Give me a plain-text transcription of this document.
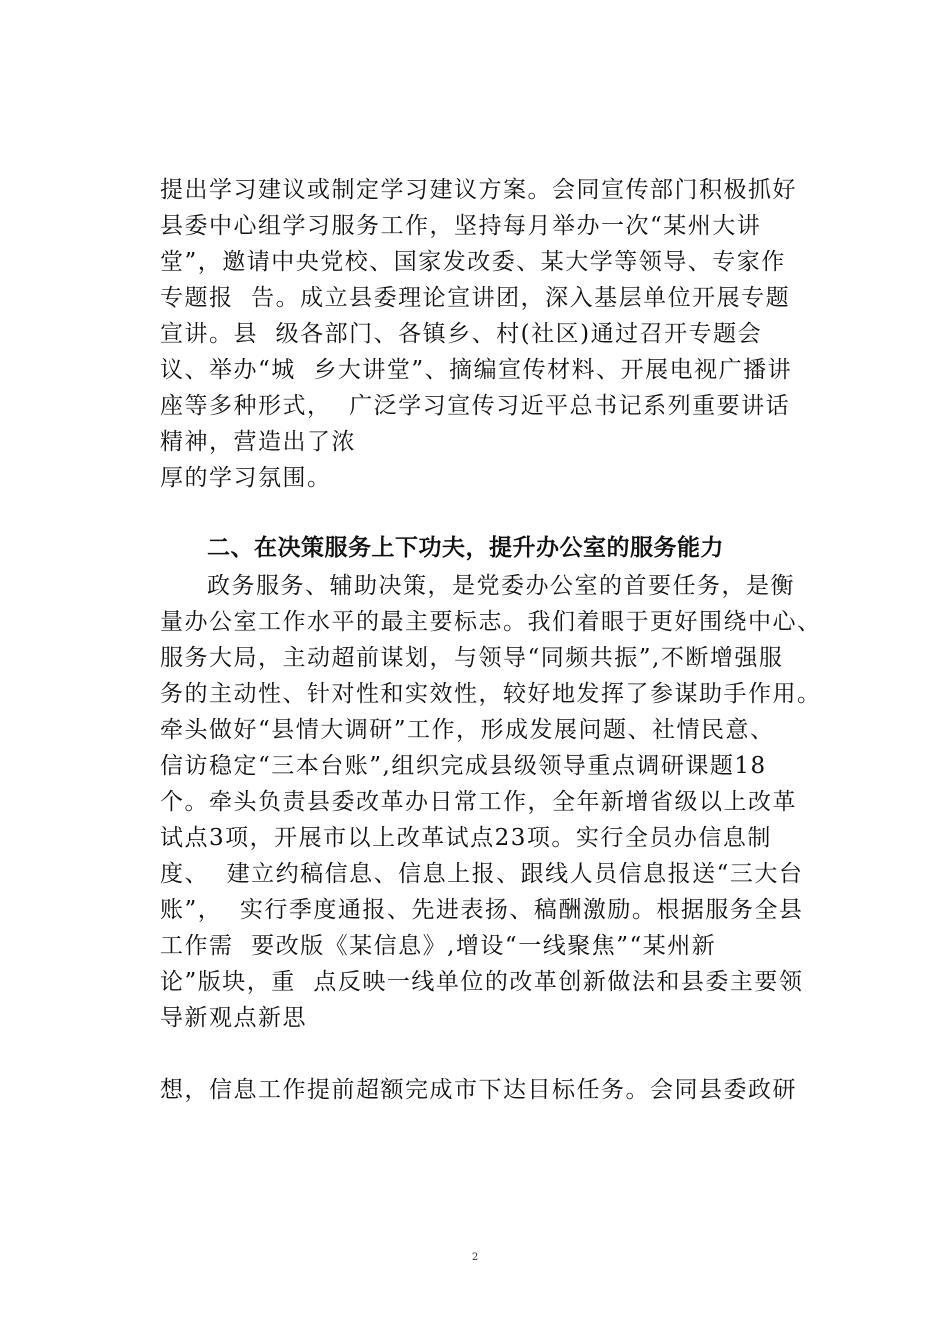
提出学习建议或制定学习建议方案。会同宣传部门积极抓好
县委中心组学习服务工作，坚持每月举办一次“某州大讲
堂”，邀请中央党校、国家发改委、某大学等领导、专家作
专题报  告。成立县委理论宣讲团，深入基层单位开展专题
宣讲。县  级各部门、各镇乡、村(社区)通过召开专题会
议、举办“城  乡大讲堂”、摘编宣传材料、开展电视广播讲
座等多种形式，  广泛学习宣传习近平总书记系列重要讲话
精神，营造出了浓
厚的学习氛围。
二、在决策服务上下功夫，提升办公室的服务能力
政务服务、辅助决策，是党委办公室的首要任务，是衡
量办公室工作水平的最主要标志。我们着眼于更好围绕中心、
服务大局，主动超前谋划，与领导“同频共振”,不断增强服
务的主动性、针对性和实效性，较好地发挥了参谋助手作用。
牵头做好“县情大调研”工作，形成发展问题、社情民意、
信访稳定“三本台账”,组织完成县级领导重点调研课题18
个。牵头负责县委改革办日常工作，全年新增省级以上改革
试点3项，开展市以上改革试点23项。实行全员办信息制
度、  建立约稿信息、信息上报、跟线人员信息报送“三大台
账”，  实行季度通报、先进表扬、稿酬激励。根据服务全县
工作需  要改版《某信息》,增设“一线聚焦”“某州新
论”版块，重  点反映一线单位的改革创新做法和县委主要领
导新观点新思
想，信息工作提前超额完成市下达目标任务。会同县委政研
2
